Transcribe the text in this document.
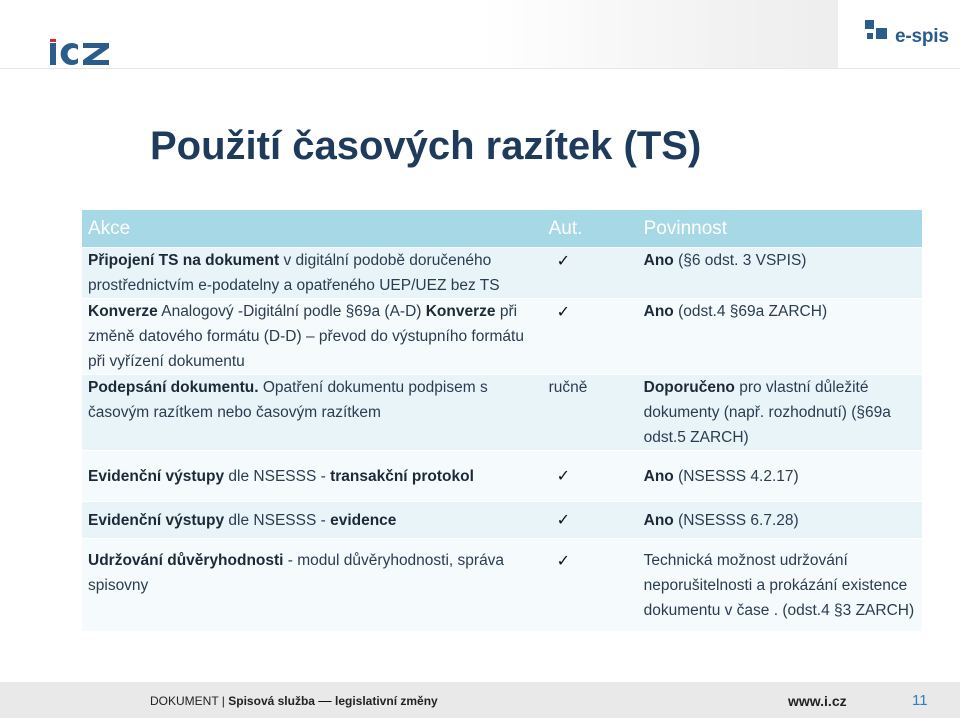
e-spis
Použití časových razítek (TS)
Akce	Aut.	Povinnost
Připojení TS na dokument v digitální podobě doručeného prostřednictvím e-podatelny a opatřeného UEP/UEZ bez TS	✓	Ano (§6 odst. 3 VSPIS)
Konverze Analogový -Digitální podle §69a (A-D) Konverze při změně datového formátu (D-D) – převod do výstupního formátu při vyřízení dokumentu	✓	Ano (odst.4 §69a ZARCH)
Podepsání dokumentu. Opatření dokumentu podpisem s časovým razítkem nebo časovým razítkem	ručně	Doporučeno pro vlastní důležité dokumenty (např. rozhodnutí) (§69a odst.5 ZARCH)
Evidenční výstupy dle NSESSS - transakční protokol	✓	Ano (NSESSS 4.2.17)
Evidenční výstupy dle NSESSS - evidence	✓	Ano (NSESSS 6.7.28)
Udržování důvěryhodnosti - modul důvěryhodnosti, správa spisovny	✓	Technická možnost udržování neporušitelnosti a prokázání existence dokumentu v čase . (odst.4 §3 ZARCH)
DOKUMENT | Spisová služba legislativní změny	www.i.cz	11
